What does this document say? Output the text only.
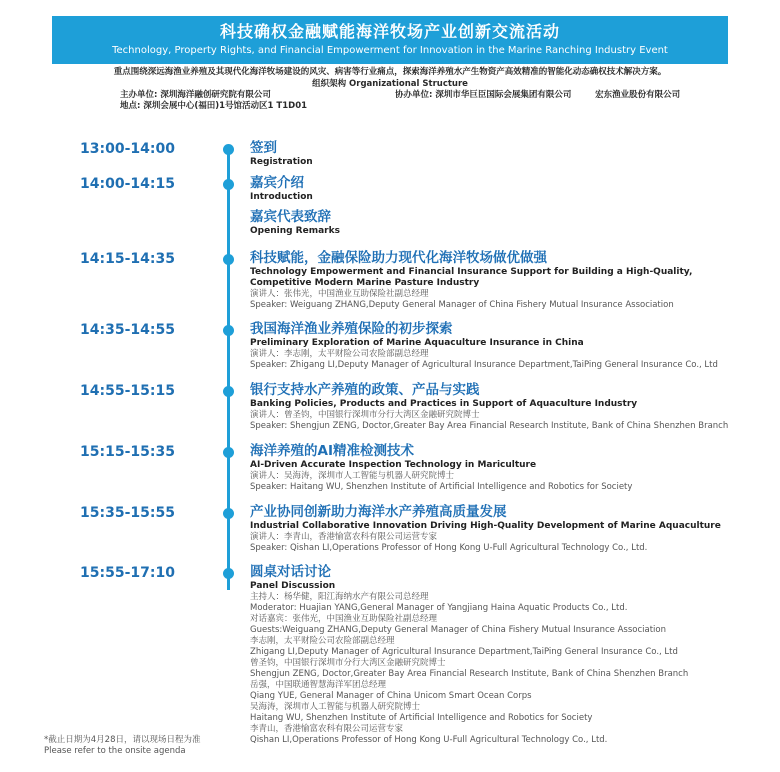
科技确权金融赋能海洋牧场产业创新交流活动
Technology, Property Rights, and Financial Empowerment for Innovation in the Marine Ranching Industry Event
重点围绕深远海渔业养殖及其现代化海洋牧场建设的风灾、病害等行业痛点，探索海洋养殖水产生物资产高效精准的智能化动态确权技术解决方案。
组织架构 Organizational Structure
主办单位: 深圳海洋融创研究院有限公司	协办单位: 深圳市华巨臣国际会展集团有限公司	宏东渔业股份有限公司
地点: 深圳会展中心(福田)1号馆活动区1 T1D01
13:00-14:00	签到
Registration
14:00-14:15	嘉宾介绍
Introduction
嘉宾代表致辞
Opening Remarks
14:15-14:35	科技赋能，金融保险助力现代化海洋牧场做优做强
Technology Empowerment and Financial Insurance Support for Building a High-Quality,
Competitive Modern Marine Pasture Industry
演讲人：张伟光，中国渔业互助保险社副总经理
Speaker: Weiguang ZHANG,Deputy General Manager of China Fishery Mutual Insurance Association
14:35-14:55	我国海洋渔业养殖保险的初步探索
Preliminary Exploration of Marine Aquaculture Insurance in China
演讲人：李志刚，太平财险公司农险部副总经理
Speaker: Zhigang LI,Deputy Manager of Agricultural Insurance Department,TaiPing General Insurance Co., Ltd
14:55-15:15	银行支持水产养殖的政策、产品与实践
Banking Policies, Products and Practices in Support of Aquaculture Industry
演讲人：曾圣钧，中国银行深圳市分行大湾区金融研究院博士
Speaker: Shengjun ZENG, Doctor,Greater Bay Area Financial Research Institute, Bank of China Shenzhen Branch
15:15-15:35	海洋养殖的AI精准检测技术
AI-Driven Accurate Inspection Technology in Mariculture
演讲人：吴海涛，深圳市人工智能与机器人研究院博士
Speaker: Haitang WU, Shenzhen Institute of Artificial Intelligence and Robotics for Society
15:35-15:55	产业协同创新助力海洋水产养殖高质量发展
Industrial Collaborative Innovation Driving High-Quality Development of Marine Aquaculture
演讲人：李青山，香港愉富农科有限公司运营专家
Speaker: Qishan LI,Operations Professor of Hong Kong U-Full Agricultural Technology Co., Ltd.
15:55-17:10	圆桌对话讨论
Panel Discussion
主持人：杨华健，阳江海纳水产有限公司总经理
Moderator: Huajian YANG,General Manager of Yangjiang Haina Aquatic Products Co., Ltd.
对话嘉宾：张伟光，中国渔业互助保险社副总经理
Guests:Weiguang ZHANG,Deputy General Manager of China Fishery Mutual Insurance Association
李志刚，太平财险公司农险部副总经理
Zhigang LI,Deputy Manager of Agricultural Insurance Department,TaiPing General Insurance Co., Ltd
曾圣钧，中国银行深圳市分行大湾区金融研究院博士
Shengjun ZENG, Doctor,Greater Bay Area Financial Research Institute, Bank of China Shenzhen Branch
岳强，中国联通智慧海洋军团总经理
Qiang YUE, General Manager of China Unicom Smart Ocean Corps
吴海涛，深圳市人工智能与机器人研究院博士
Haitang WU, Shenzhen Institute of Artificial Intelligence and Robotics for Society
李青山，香港愉富农科有限公司运营专家
Qishan LI,Operations Professor of Hong Kong U-Full Agricultural Technology Co., Ltd.
*截止日期为4月28日，请以现场日程为准
Please refer to the onsite agenda
